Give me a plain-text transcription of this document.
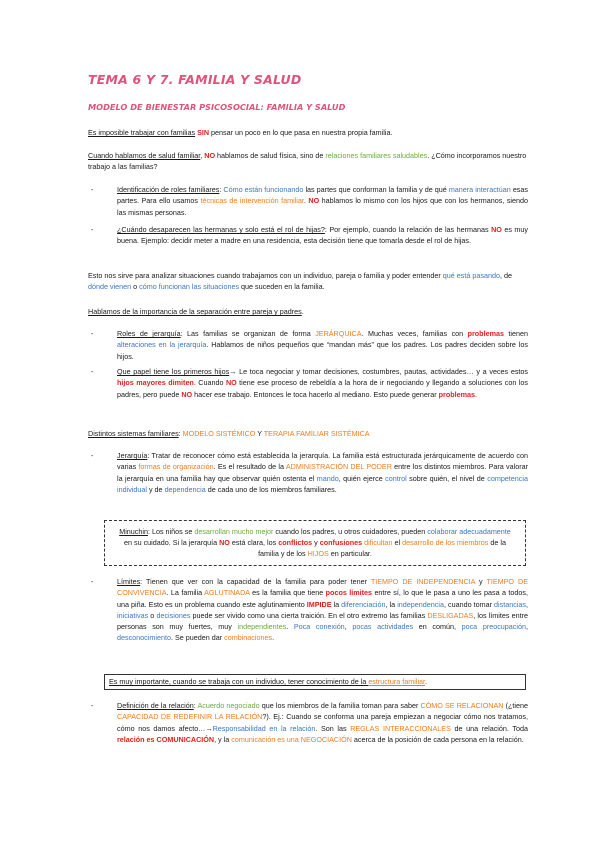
TEMA 6 Y 7. FAMILIA Y SALUD
MODELO DE BIENESTAR PSICOSOCIAL: FAMILIA Y SALUD
Es imposible trabajar con familias SIN pensar un poco en lo que pasa en nuestra propia familia.
Cuando hablamos de salud familiar, NO hablamos de salud física, sino de relaciones familiares saludables. ¿Cómo incorporamos nuestro trabajo a las familias?
-	Identificación de roles familiares: Cómo están funcionando las partes que conforman la familia y de qué manera interactúan esas partes. Para ello usamos técnicas de intervención familiar. NO hablamos lo mismo con los hijos que con los hermanos, siendo las mismas personas.
-	¿Cuándo desaparecen las hermanas y solo está el rol de hijas?: Por ejemplo, cuando la relación de las hermanas NO es muy buena. Ejemplo: decidir meter a madre en una residencia, esta decisión tiene que tomarla desde el rol de hijas.
Esto nos sirve para analizar situaciones cuando trabajamos con un individuo, pareja o familia y poder entender qué está pasando, de dónde vienen o cómo funcionan las situaciones que suceden en la familia.
Hablamos de la importancia de la separación entre pareja y padres.
-	Roles de jerarquía: Las familias se organizan de forma JERÁRQUICA. Muchas veces, familias con problemas tienen alteraciones en la jerarquía. Hablamos de niños pequeños que “mandan más” que los padres. Los padres deciden sobre los hijos.
-	Que papel tiene los primeros hijos→ Le toca negociar y tomar decisiones, costumbres, pautas, actividades… y a veces estos hijos mayores dimiten. Cuando NO tiene ese proceso de rebeldía a la hora de ir negociando y llegando a soluciones con los padres, pero puede NO hacer ese trabajo. Entonces le toca hacerlo al mediano. Esto puede generar problemas.
Distintos sistemas familiares: MODELO SISTÉMICO Y TERAPIA FAMILIAR SISTÉMICA
-	Jerarquía: Tratar de reconocer cómo está establecida la jerarquía. La familia está estructurada jerárquicamente de acuerdo con varias formas de organización. Es el resultado de la ADMINISTRACIÓN DEL PODER entre los distintos miembros. Para valorar la jerarquía en una familia hay que observar quién ostenta el mando, quién ejerce control sobre quién, el nivel de competencia individual y de dependencia de cada uno de los miembros familiares.
Minuchin: Los niños se desarrollan mucho mejor cuando los padres, u otros cuidadores, pueden colaborar adecuadamente en su cuidado. Si la jerarquía NO está clara, los conflictos y confusiones dificultan el desarrollo de los miembros de la familia y de los HIJOS en particular.
-	Límites: Tienen que ver con la capacidad de la familia para poder tener TIEMPO DE INDEPENDENCIA y TIEMPO DE CONVIVENCIA. La familia AGLUTINADA es la familia que tiene pocos límites entre sí, lo que le pasa a uno les pasa a todos, una piña. Esto es un problema cuando este aglutinamiento IMPIDE la diferenciación, la independencia, cuando tomar distancias, iniciativas o decisiones puede ser vivido como una cierta traición. En el otro extremo las familias DESLIGADAS, los límites entre personas son muy fuertes, muy independientes. Poca conexión, pocas actividades en común, poca preocupación, desconocimiento. Se pueden dar combinaciones.
Es muy importante, cuando se trabaja con un individuo, tener conocimiento de la estructura familiar.
-	Definición de la relación: Acuerdo negociado que los miembros de la familia toman para saber CÓMO SE RELACIONAN (¿tiene CAPACIDAD DE REDEFINIR LA RELACIÓN?). Ej.: Cuando se conforma una pareja empiezan a negociar cómo nos tratamos, cómo nos damos afecto…→Responsabilidad en la relación. Son las REGLAS INTERACCIONALES de una relación. Toda relación es COMUNICACIÓN, y la comunicación es una NEGOCIACIÓN acerca de la posición de cada persona en la relación.
